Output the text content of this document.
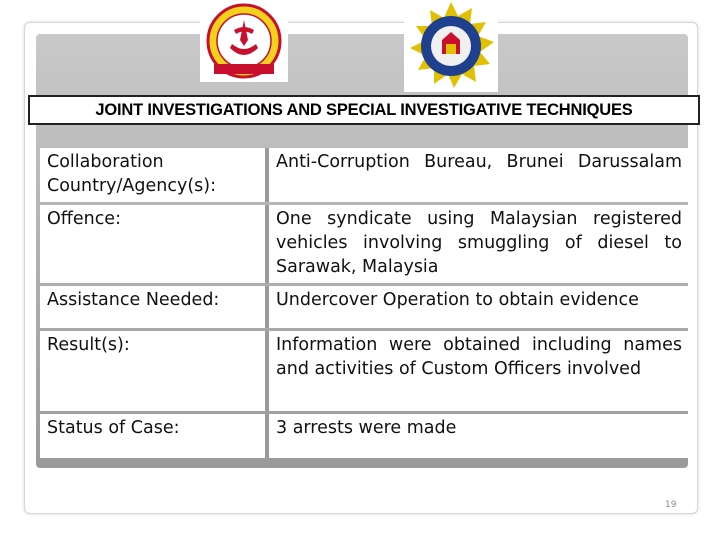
JOINT INVESTIGATIONS AND SPECIAL INVESTIGATIVE TECHNIQUES
Collaboration Country/Agency(s):	Anti-Corruption Bureau, Brunei Darussalam
Offence:	One syndicate using Malaysian registered vehicles involving smuggling of diesel to Sarawak, Malaysia
Assistance Needed:	Undercover Operation to obtain evidence
Result(s):	Information were obtained including names and activities of Custom Officers involved
Status of Case:	3 arrests were made
19
